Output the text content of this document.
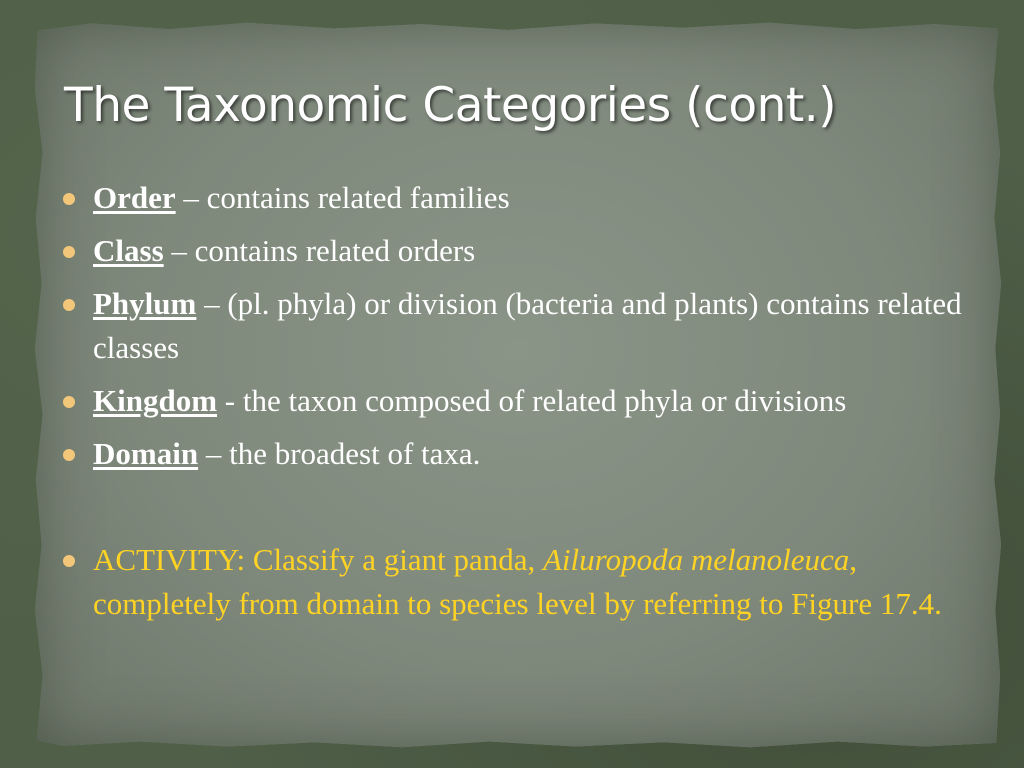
The Taxonomic Categories (cont.)
Order – contains related families
Class – contains related orders
Phylum – (pl. phyla) or division (bacteria and plants) contains related classes
Kingdom - the taxon composed of related phyla or divisions
Domain – the broadest of taxa.
ACTIVITY: Classify a giant panda, Ailuropoda melanoleuca, completely from domain to species level by referring to Figure 17.4.
